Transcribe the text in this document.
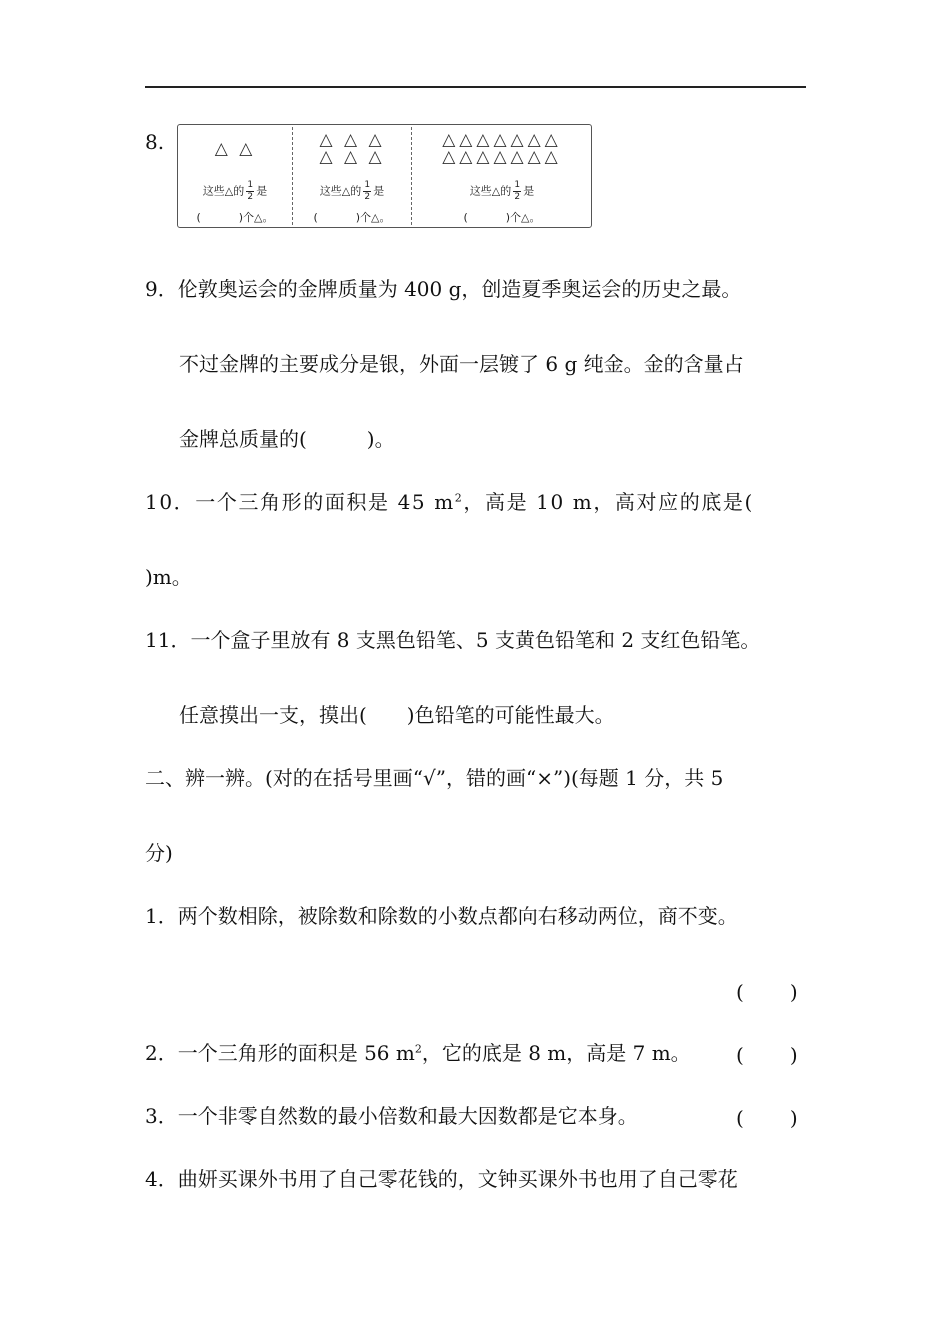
8.	△ △
这些△的 $\frac{1}{2}$ 是
(	)个△。
△ △ △
△ △ △
这些△的 $\frac{1}{2}$ 是
(	)个△。
△△△△△△△
△△△△△△△
这些△的 $\frac{1}{2}$ 是
(	)个△。
9．伦敦奥运会的金牌质量为 400 g，创造夏季奥运会的历史之最。
不过金牌的主要成分是银，外面一层镀了 6 g 纯金。金的含量占
金牌总质量的(　　　)。
10．一个三角形的面积是 45 $m^2$，高是 10 m，高对应的底是(
)m。
11．一个盒子里放有 8 支黑色铅笔、5 支黄色铅笔和 2 支红色铅笔。
任意摸出一支，摸出(　　)色铅笔的可能性最大。
二、辨一辨。(对的在括号里画“√”，错的画“×”)(每题 1 分，共 5
分)
1．两个数相除，被除数和除数的小数点都向右移动两位，商不变。
( )
2．一个三角形的面积是 56 $m^2$，它的底是 8 m，高是 7 m。 ( )
3．一个非零自然数的最小倍数和最大因数都是它本身。	( )
4．曲妍买课外书用了自己零花钱的，文钟买课外书也用了自己零花
